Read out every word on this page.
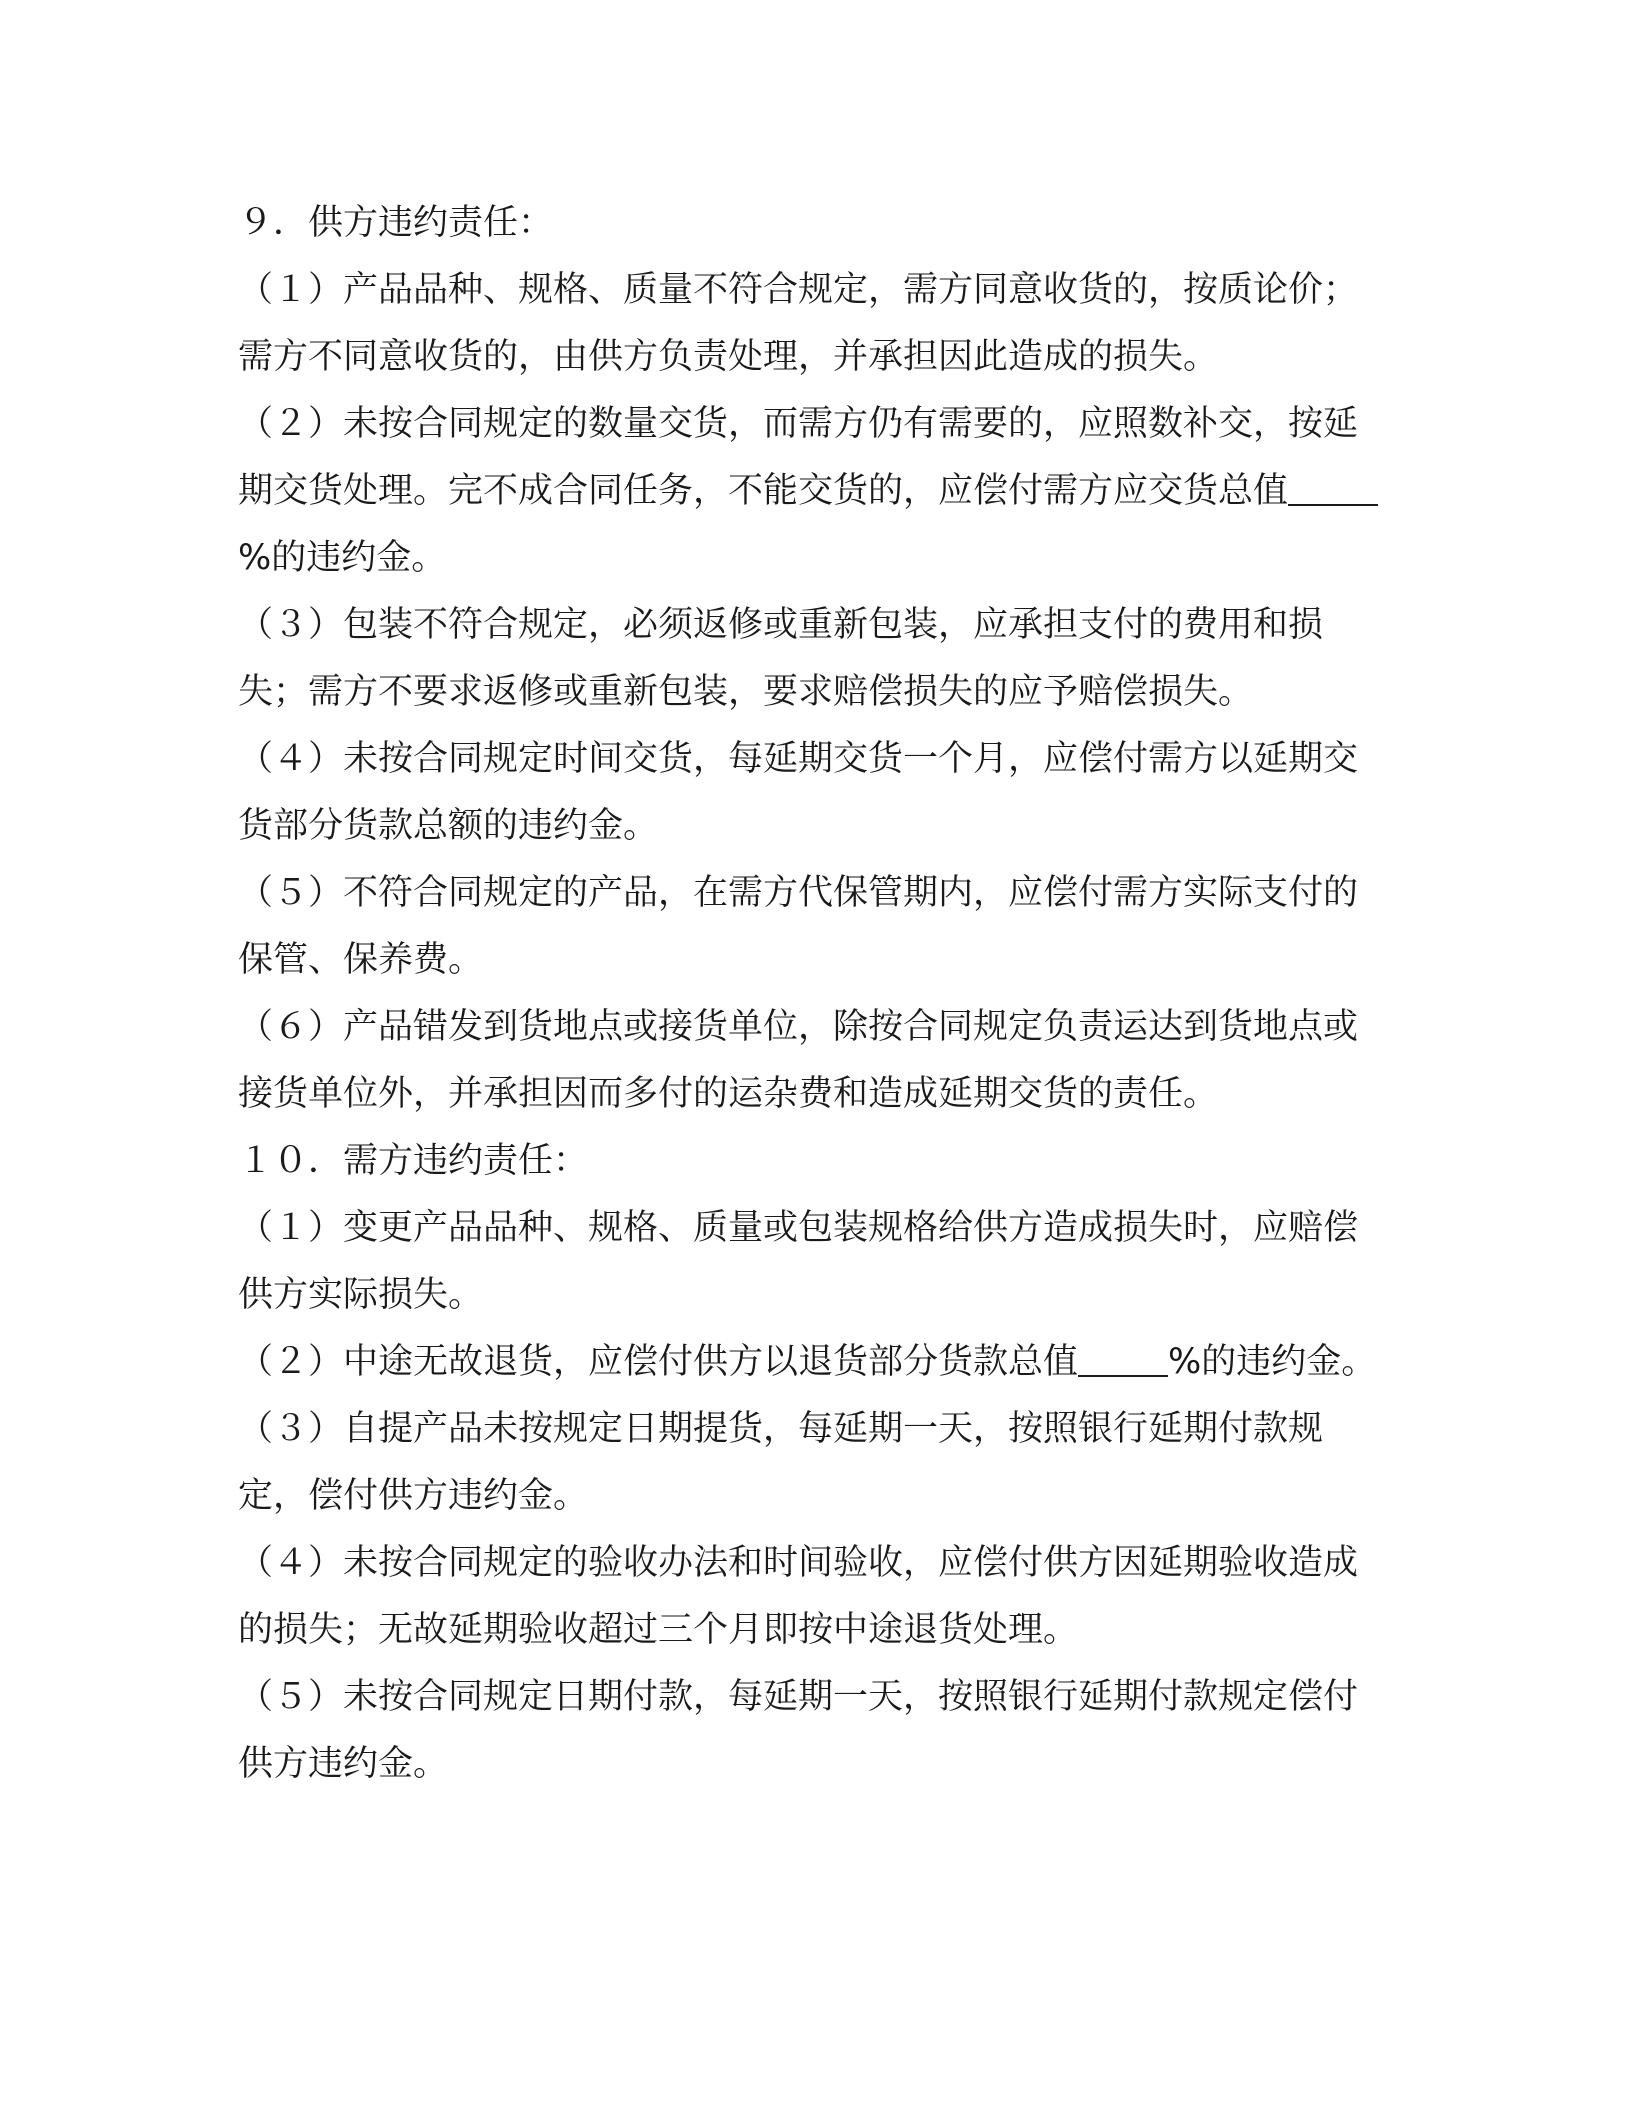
９．供方违约责任：

（１）产品品种、规格、质量不符合规定，需方同意收货的，按质论价；需方不同意收货的，由供方负责处理，并承担因此造成的损失。

（２）未按合同规定的数量交货，而需方仍有需要的，应照数补交，按延期交货处理。完不成合同任务，不能交货的，应偿付需方应交货总值%的违约金。

（３）包装不符合规定，必须返修或重新包装，应承担支付的费用和损失；需方不要求返修或重新包装，要求赔偿损失的应予赔偿损失。

（４）未按合同规定时间交货，每延期交货一个月，应偿付需方以延期交货部分货款总额的违约金。

（５）不符合同规定的产品，在需方代保管期内，应偿付需方实际支付的保管、保养费。

（６）产品错发到货地点或接货单位，除按合同规定负责运达到货地点或接货单位外，并承担因而多付的运杂费和造成延期交货的责任。

１０．需方违约责任：

（１）变更产品品种、规格、质量或包装规格给供方造成损失时，应赔偿供方实际损失。

（２）中途无故退货，应偿付供方以退货部分货款总值	%的违约金。

（３）自提产品未按规定日期提货，每延期一天，按照银行延期付款规定，偿付供方违约金。

（４）未按合同规定的验收办法和时间验收，应偿付供方因延期验收造成的损失；无故延期验收超过三个月即按中途退货处理。

（５）未按合同规定日期付款，每延期一天，按照银行延期付款规定偿付供方违约金。
